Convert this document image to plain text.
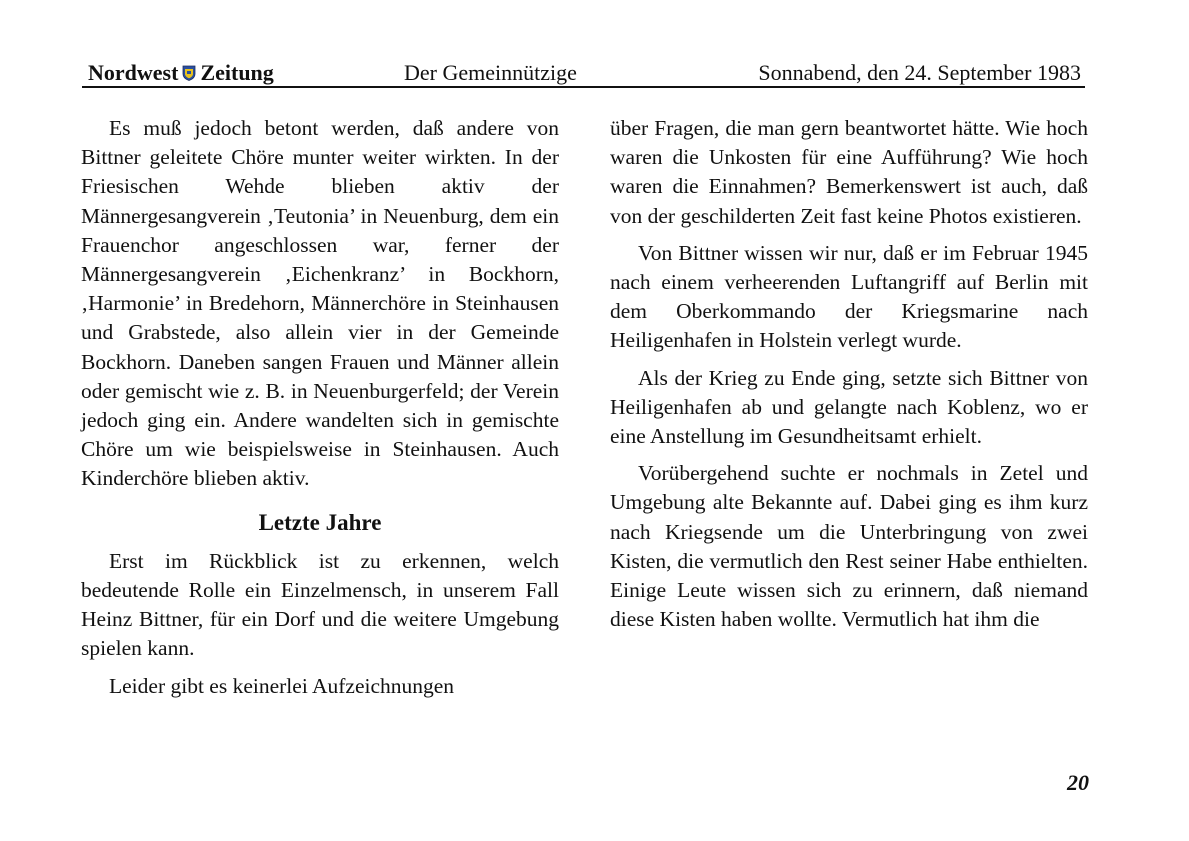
Nordwest Zeitung	Der Gemeinnützige	Sonnabend, den 24. September 1983

Es muß jedoch betont werden, daß andere von Bittner geleitete Chöre munter weiter wirkten. In der Friesischen Wehde blieben aktiv der Männergesangverein ‚Teutonia’ in Neuenburg, dem ein Frauenchor angeschlossen war, ferner der Männergesangverein ‚Eichenkranz’ in Bockhorn, ‚Harmonie’ in Bredehorn, Männerchöre in Steinhausen und Grabstede, also allein vier in der Gemeinde Bockhorn. Daneben sangen Frauen und Männer allein oder gemischt wie z. B. in Neuenburgerfeld; der Verein jedoch ging ein. Andere wandelten sich in gemischte Chöre um wie beispielsweise in Steinhausen. Auch Kinderchöre blieben aktiv.

Letzte Jahre

Erst im Rückblick ist zu erkennen, welch bedeutende Rolle ein Einzelmensch, in unserem Fall Heinz Bittner, für ein Dorf und die weitere Umgebung spielen kann.

Leider gibt es keinerlei Aufzeichnungen

über Fragen, die man gern beantwortet hätte. Wie hoch waren die Unkosten für eine Aufführung? Wie hoch waren die Einnahmen? Bemerkenswert ist auch, daß von der geschilderten Zeit fast keine Photos existieren.

Von Bittner wissen wir nur, daß er im Februar 1945 nach einem verheerenden Luftangriff auf Berlin mit dem Oberkommando der Kriegsmarine nach Heiligenhafen in Holstein verlegt wurde.

Als der Krieg zu Ende ging, setzte sich Bittner von Heiligenhafen ab und gelangte nach Koblenz, wo er eine Anstellung im Gesundheitsamt erhielt.

Vorübergehend suchte er nochmals in Zetel und Umgebung alte Bekannte auf. Dabei ging es ihm kurz nach Kriegsende um die Unterbringung von zwei Kisten, die vermutlich den Rest seiner Habe enthielten. Einige Leute wissen sich zu erinnern, daß niemand diese Kisten haben wollte. Vermutlich hat ihm die

20
